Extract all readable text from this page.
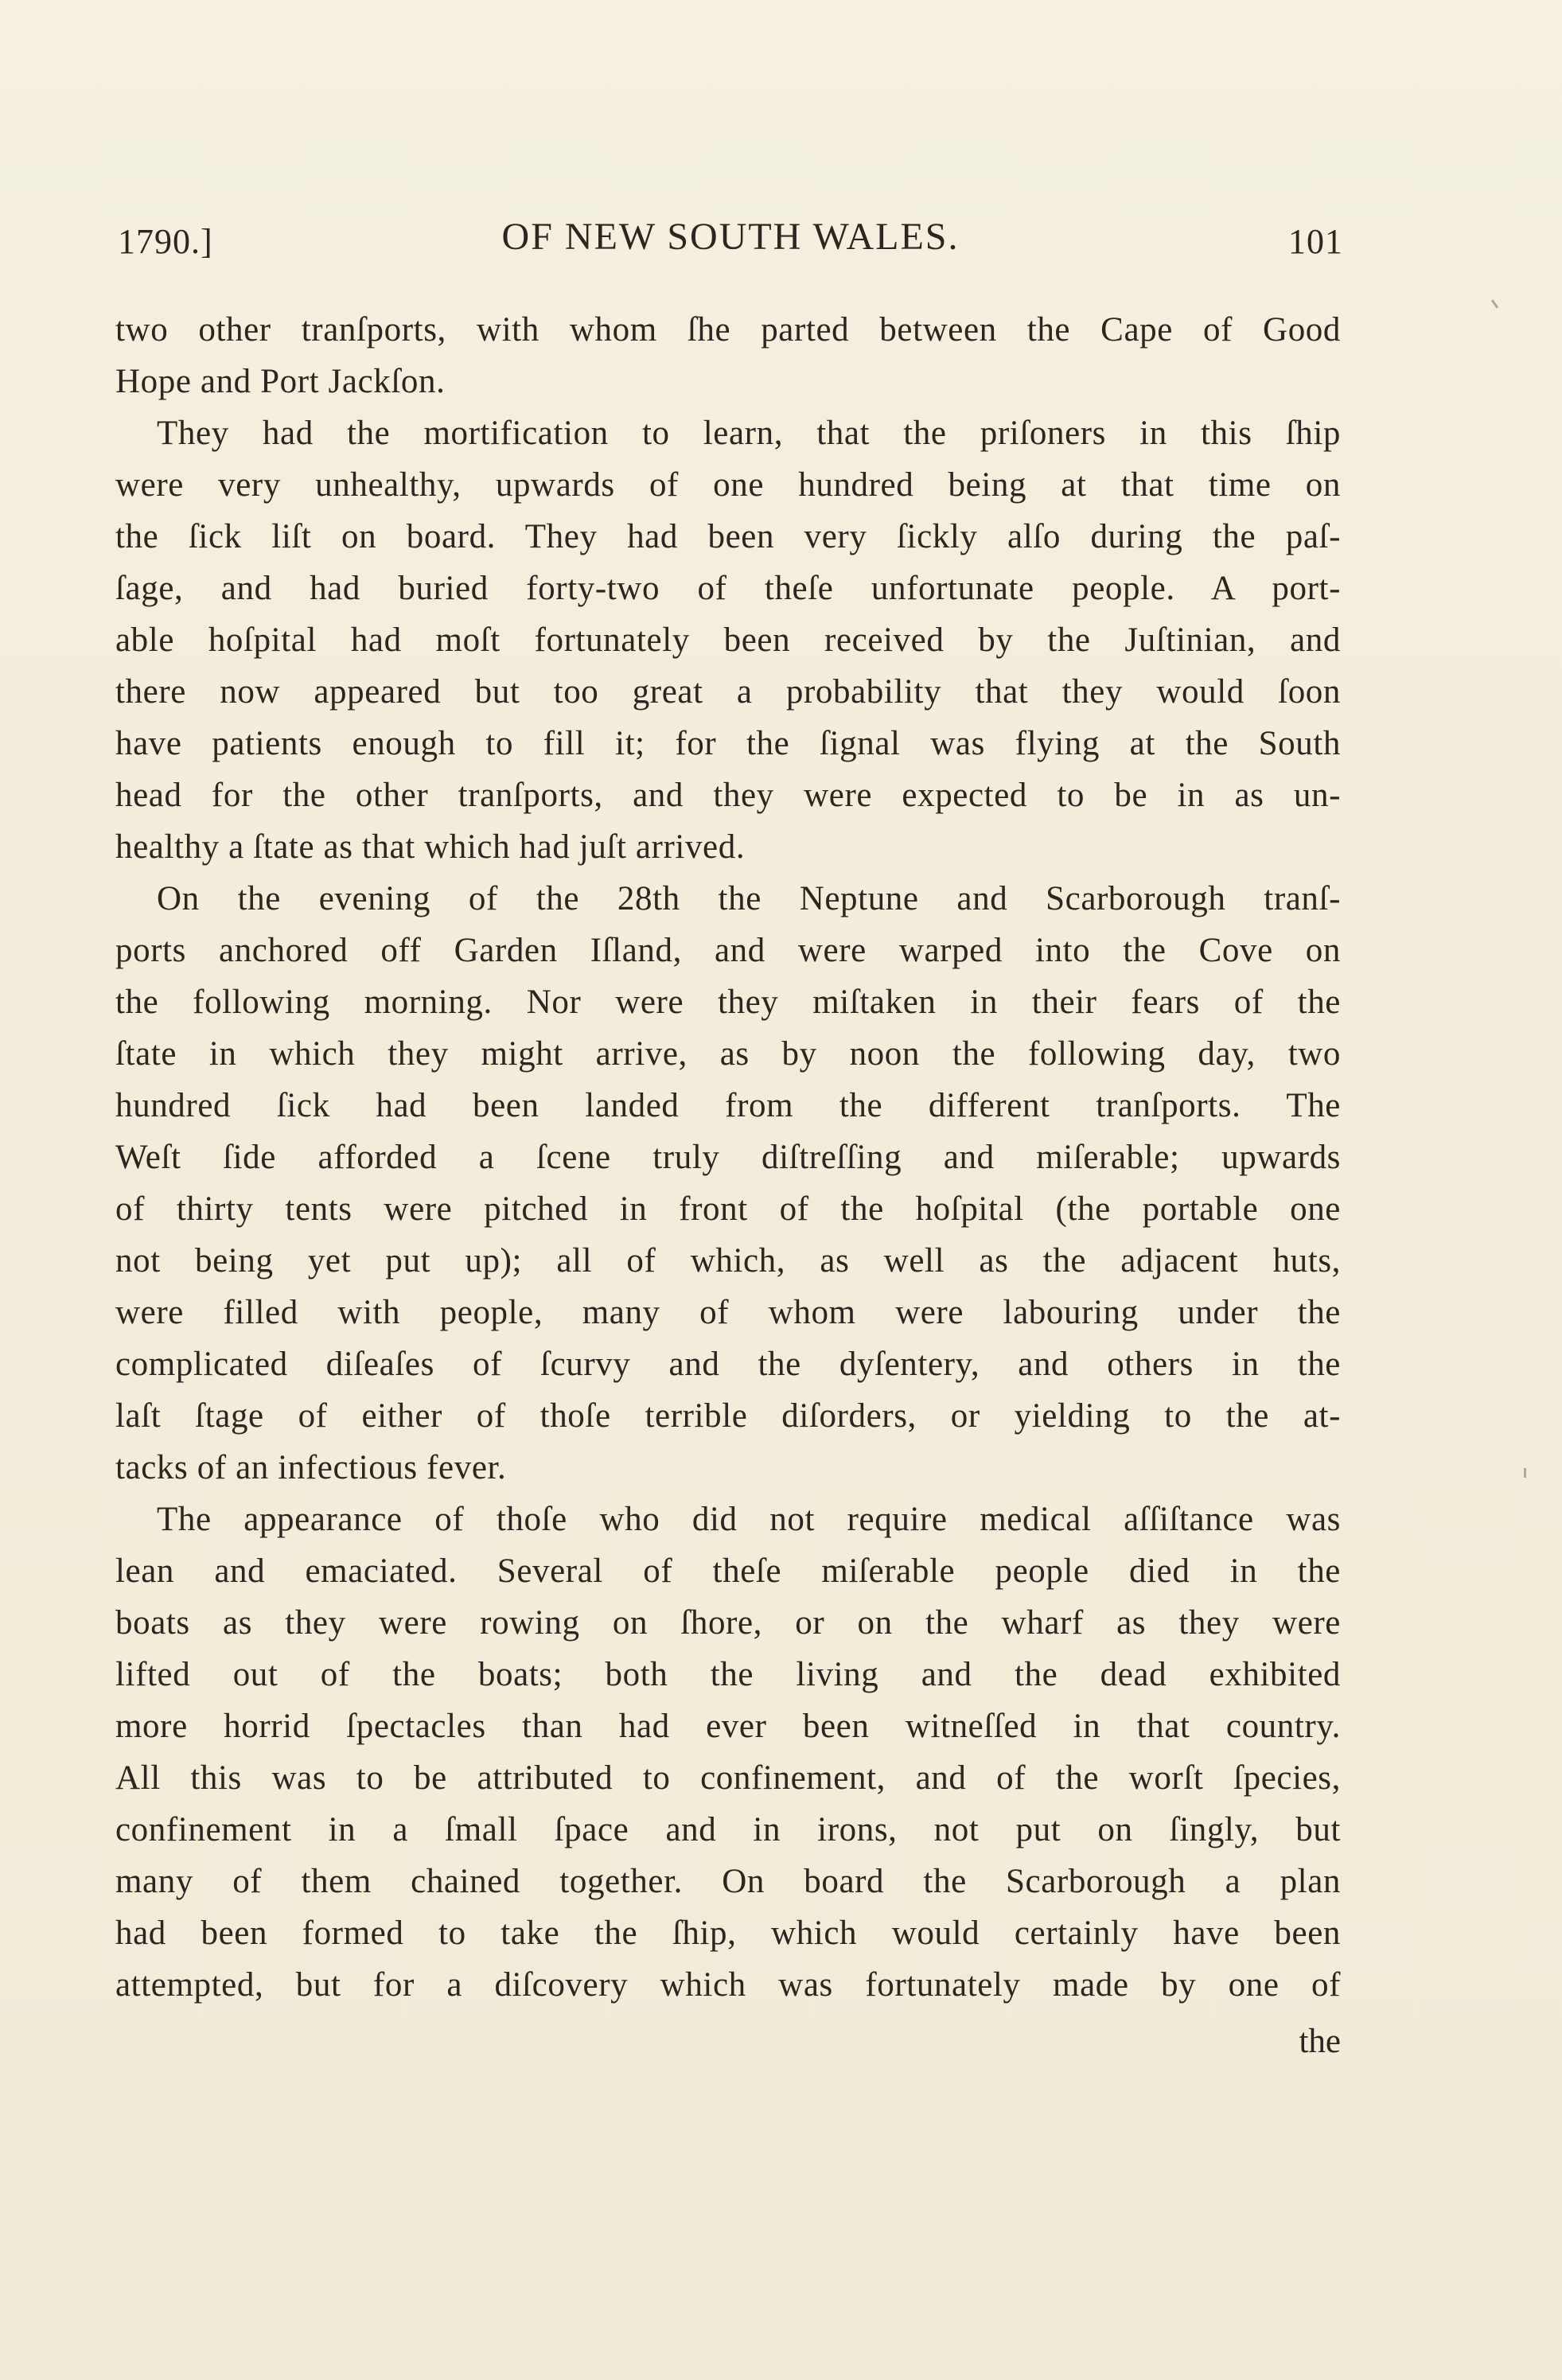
1790.]	OF NEW SOUTH WALES.	101
two other tranſports, with whom ſhe parted between the Cape of Good
Hope and Port Jackſon.
They had the mortification to learn, that the priſoners in this ſhip
were very unhealthy, upwards of one hundred being at that time on
the ſick liſt on board. They had been very ſickly alſo during the paſ-
ſage, and had buried forty-two of theſe unfortunate people. A port-
able hoſpital had moſt fortunately been received by the Juſtinian, and
there now appeared but too great a probability that they would ſoon
have patients enough to fill it; for the ſignal was flying at the South
head for the other tranſports, and they were expected to be in as un-
healthy a ſtate as that which had juſt arrived.
On the evening of the 28th the Neptune and Scarborough tranſ-
ports anchored off Garden Iſland, and were warped into the Cove on
the following morning. Nor were they miſtaken in their fears of the
ſtate in which they might arrive, as by noon the following day, two
hundred ſick had been landed from the different tranſports. The
Weſt ſide afforded a ſcene truly diſtreſſing and miſerable; upwards
of thirty tents were pitched in front of the hoſpital (the portable one
not being yet put up); all of which, as well as the adjacent huts,
were filled with people, many of whom were labouring under the
complicated diſeaſes of ſcurvy and the dyſentery, and others in the
laſt ſtage of either of thoſe terrible diſorders, or yielding to the at-
tacks of an infectious fever.
The appearance of thoſe who did not require medical aſſiſtance was
lean and emaciated. Several of theſe miſerable people died in the
boats as they were rowing on ſhore, or on the wharf as they were
lifted out of the boats; both the living and the dead exhibited
more horrid ſpectacles than had ever been witneſſed in that country.
All this was to be attributed to confinement, and of the worſt ſpecies,
confinement in a ſmall ſpace and in irons, not put on ſingly, but
many of them chained together. On board the Scarborough a plan
had been formed to take the ſhip, which would certainly have been
attempted, but for a diſcovery which was fortunately made by one of
the
